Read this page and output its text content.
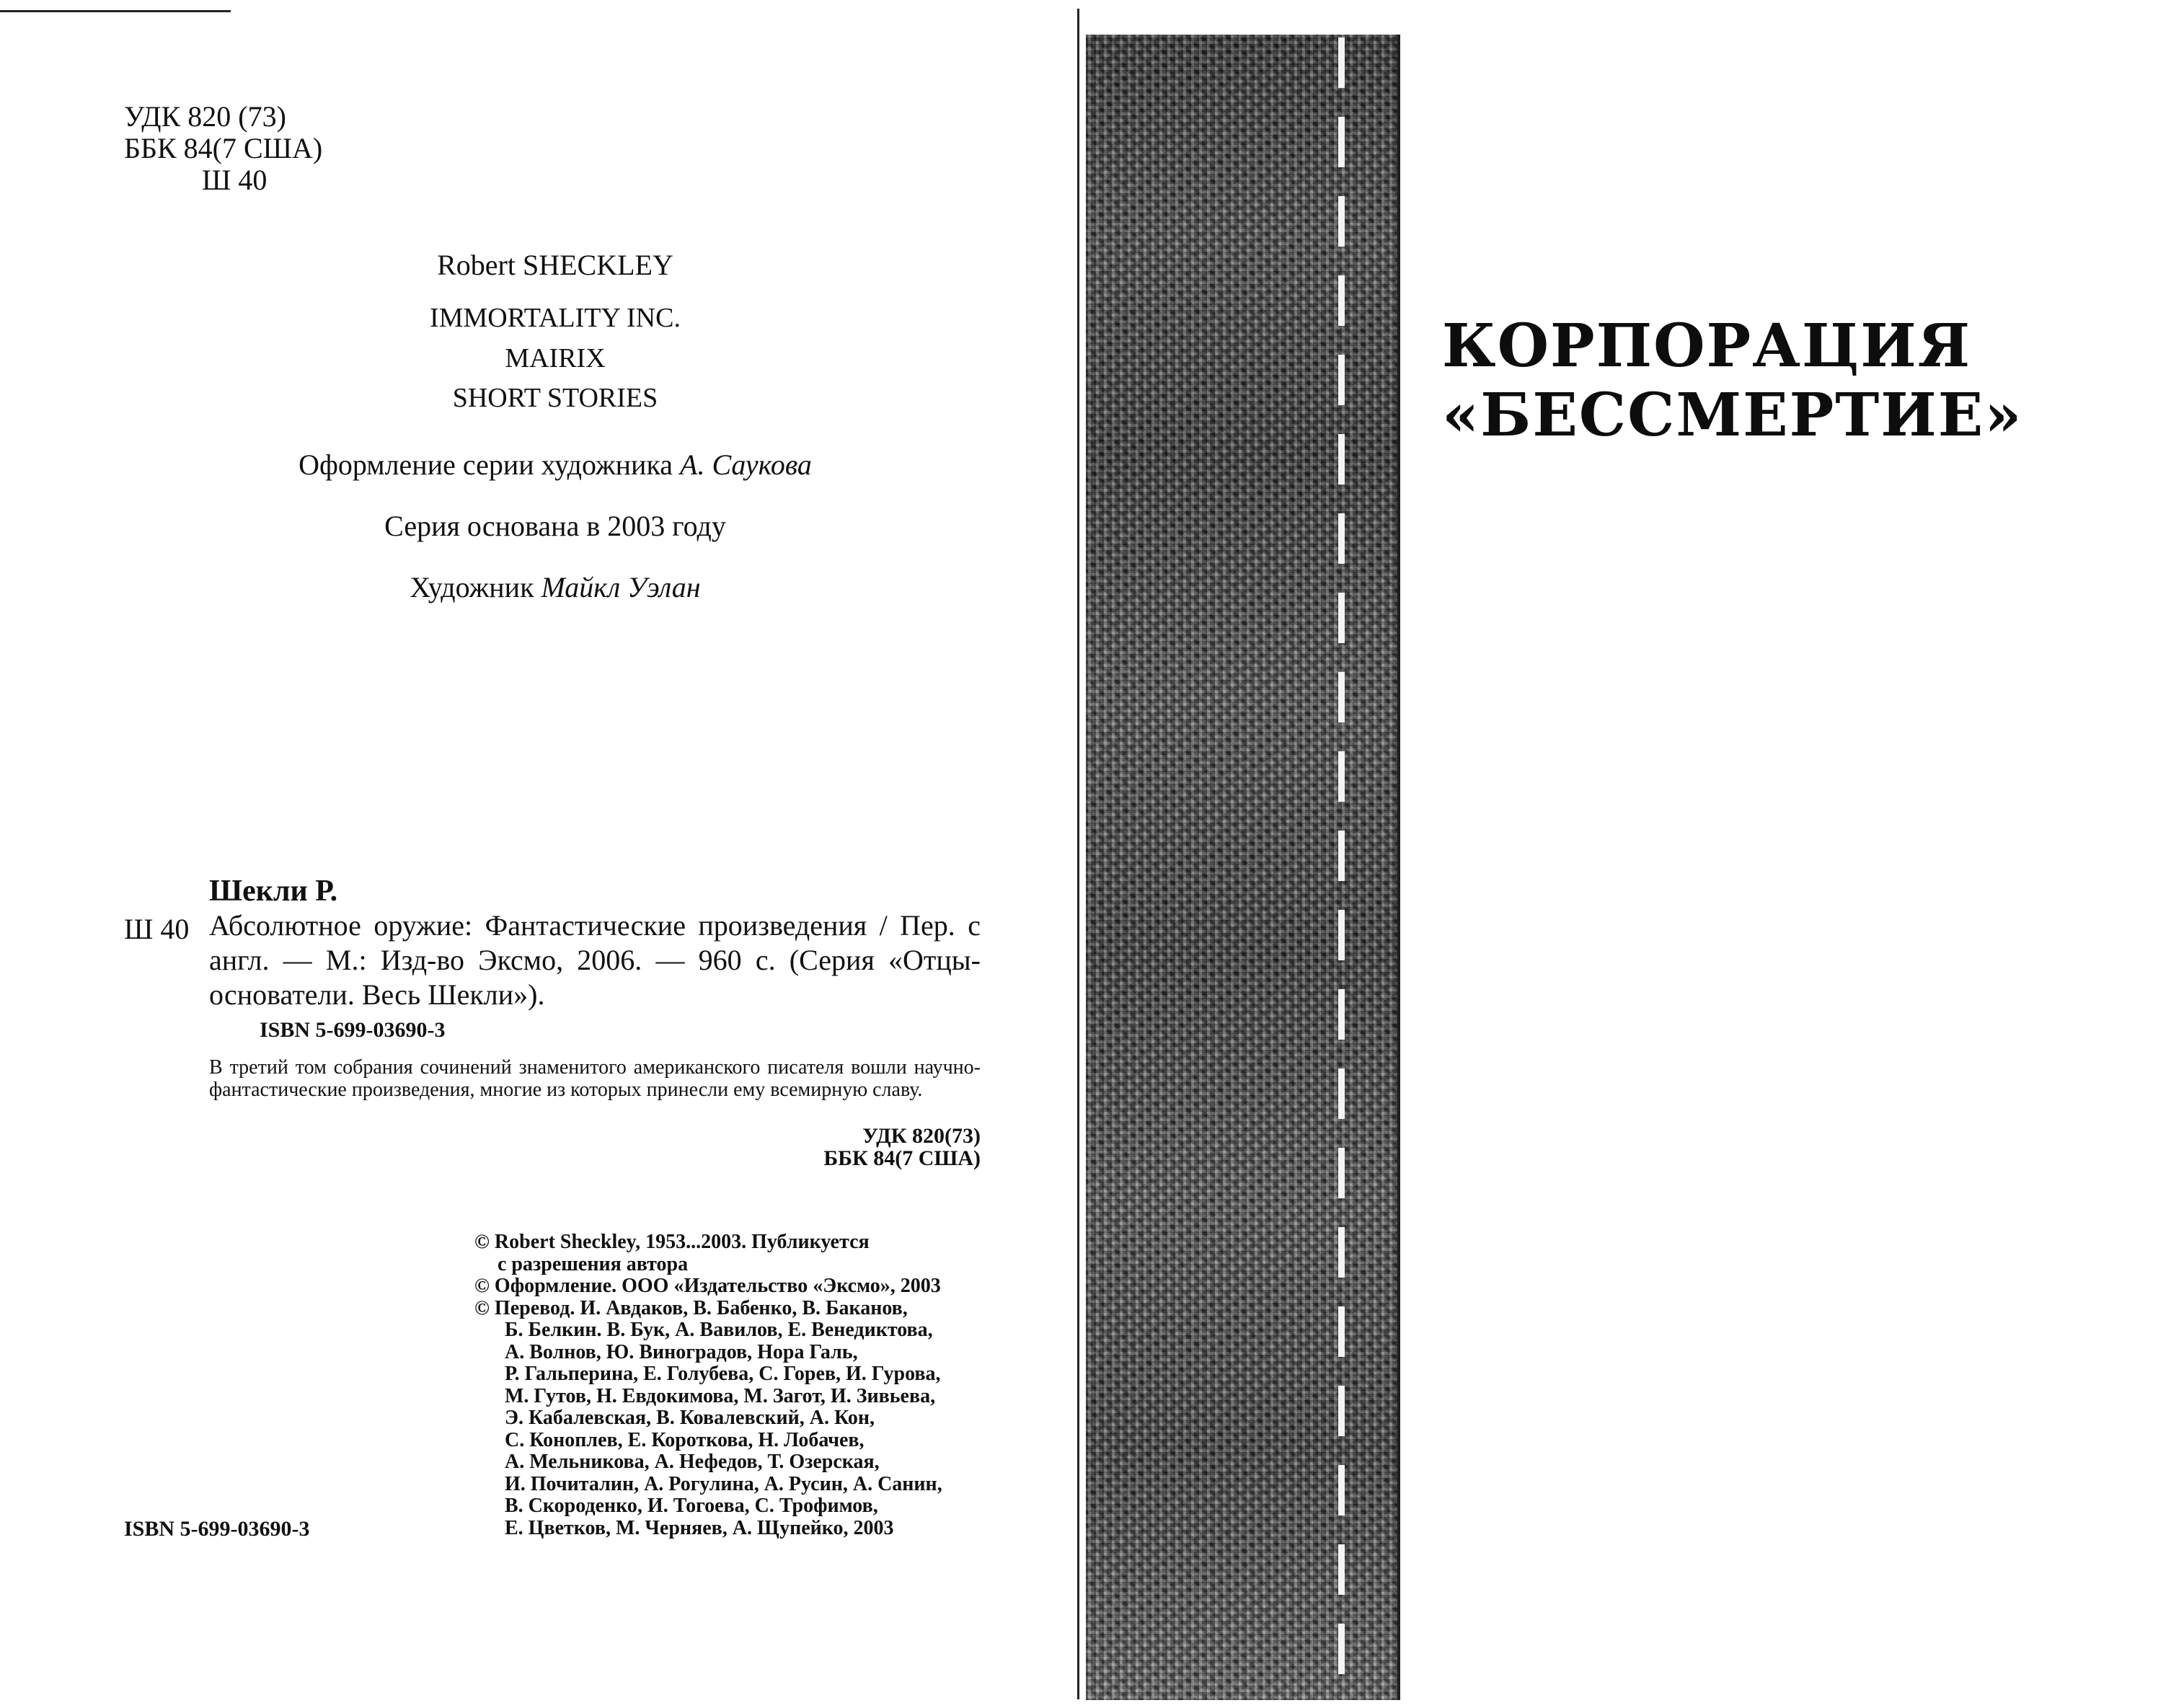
УДК 820 (73)
ББК 84(7 США)
Ш 40
Robert SHECKLEY
IMMORTALITY INC.
MAIRIX
SHORT STORIES
Оформление серии художника А. Саукова
Серия основана в 2003 году
Художник Майкл Уэлан
Шекли Р.
Ш 40 Абсолютное оружие: Фантастические произведения / Пер. с англ. — М.: Изд-во Эксмо, 2006. — 960 с. (Серия «Отцы-основатели. Весь Шекли»).
ISBN 5-699-03690-3
В третий том собрания сочинений знаменитого американского писателя вошли научно-фантастические произведения, многие из которых принесли ему всемирную славу.
УДК 820(73)
ББК 84(7 США)
© Robert Sheckley, 1953...2003. Публикуется
с разрешения автора
© Оформление. ООО «Издательство «Эксмо», 2003
© Перевод. И. Авдаков, В. Бабенко, В. Баканов,
Б. Белкин. В. Бук, А. Вавилов, Е. Венедиктова,
А. Волнов, Ю. Виноградов, Нора Галь,
Р. Гальперина, Е. Голубева, С. Горев, И. Гурова,
М. Гутов, Н. Евдокимова, М. Загот, И. Зивьева,
Э. Кабалевская, В. Ковалевский, А. Кон,
С. Коноплев, Е. Короткова, Н. Лобачев,
А. Мельникова, А. Нефедов, Т. Озерская,
И. Почиталин, А. Рогулина, А. Русин, А. Санин,
В. Скороденко, И. Тогоева, С. Трофимов,
Е. Цветков, М. Черняев, А. Щупейко, 2003
ISBN 5-699-03690-3
КОРПОРАЦИЯ
«БЕССМЕРТИЕ»
